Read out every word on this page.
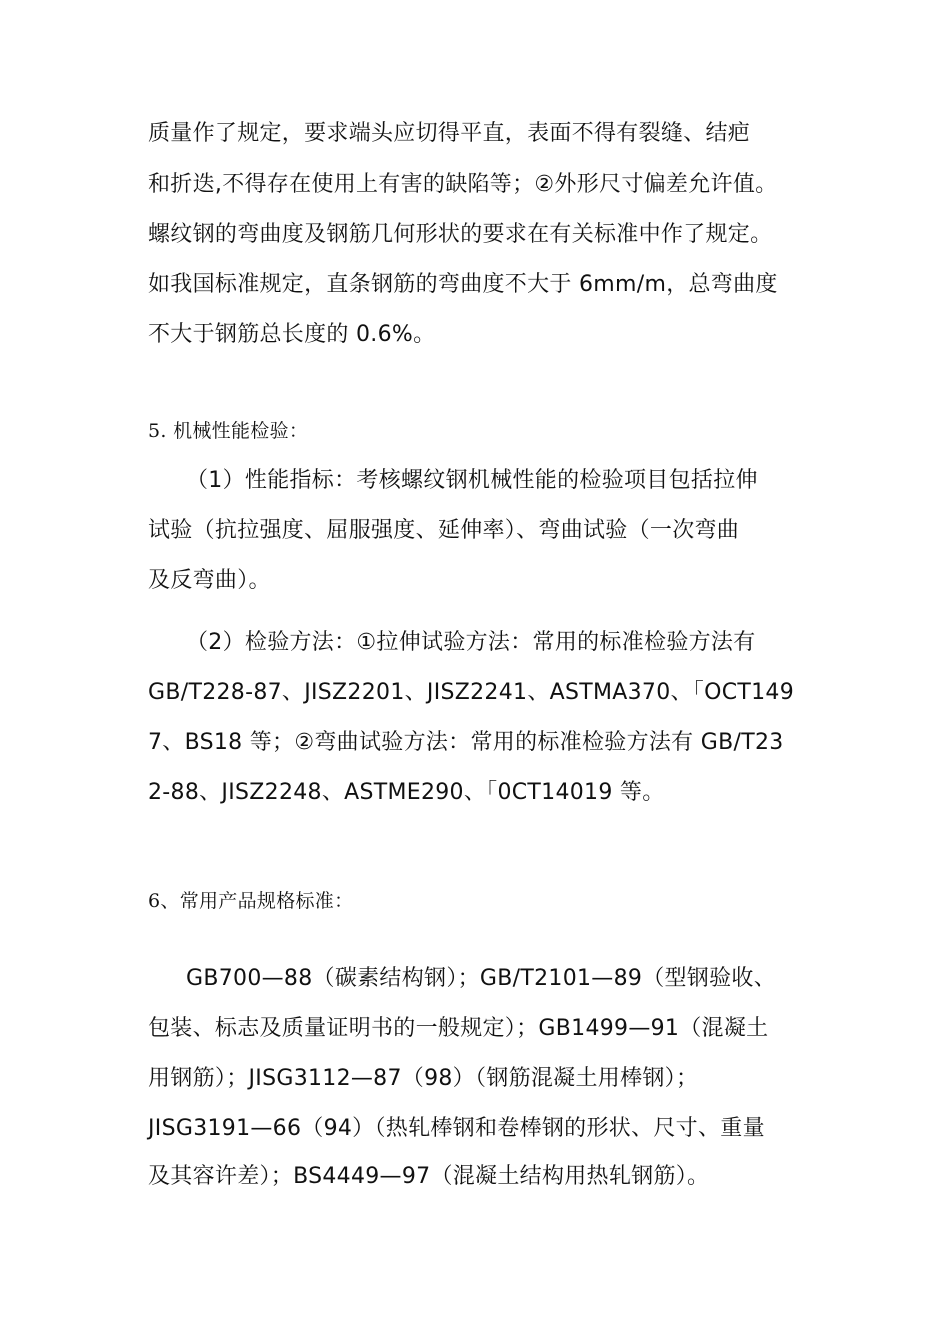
质量作了规定，要求端头应切得平直，表面不得有裂缝、结疤
和折迭,不得存在使用上有害的缺陷等；②外形尺寸偏差允许值。
螺纹钢的弯曲度及钢筋几何形状的要求在有关标准中作了规定。
如我国标准规定，直条钢筋的弯曲度不大于 6mm/m，总弯曲度
不大于钢筋总长度的 0.6%。
5. 机械性能检验：
（1）性能指标：考核螺纹钢机械性能的检验项目包括拉伸
试验（抗拉强度、屈服强度、延伸率）、弯曲试验（一次弯曲
及反弯曲）。
（2）检验方法：①拉伸试验方法：常用的标准检验方法有
GB/T228-87、JISZ2201、JISZ2241、ASTMA370、「OCT149
7、BS18 等；②弯曲试验方法：常用的标准检验方法有 GB/T23
2-88、JISZ2248、ASTME290、「0CT14019 等。
6、常用产品规格标准：
GB700—88（碳素结构钢）；GB/T2101—89（型钢验收、
包装、标志及质量证明书的一般规定）；GB1499—91（混凝土
用钢筋）；JISG3112—87（98）（钢筋混凝土用棒钢）；
JISG3191—66（94）（热轧棒钢和卷棒钢的形状、尺寸、重量
及其容许差）；BS4449—97（混凝土结构用热轧钢筋）。
